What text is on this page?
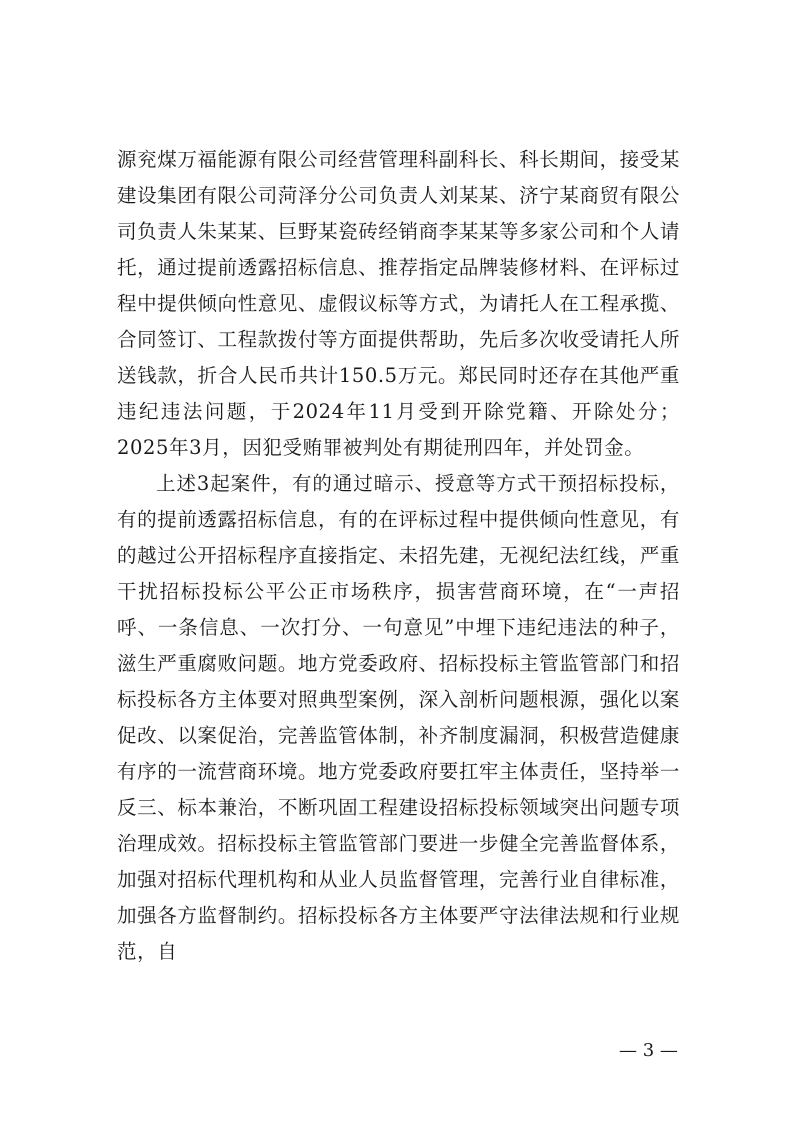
源兖煤万福能源有限公司经营管理科副科长、科长期间，接受某建设集团有限公司菏泽分公司负责人刘某某、济宁某商贸有限公司负责人朱某某、巨野某瓷砖经销商李某某等多家公司和个人请托，通过提前透露招标信息、推荐指定品牌装修材料、在评标过程中提供倾向性意见、虚假议标等方式，为请托人在工程承揽、合同签订、工程款拨付等方面提供帮助，先后多次收受请托人所送钱款，折合人民币共计150.5万元。郑民同时还存在其他严重违纪违法问题，于2024年11月受到开除党籍、开除处分；2025年3月，因犯受贿罪被判处有期徒刑四年，并处罚金。

上述3起案件，有的通过暗示、授意等方式干预招标投标，有的提前透露招标信息，有的在评标过程中提供倾向性意见，有的越过公开招标程序直接指定、未招先建，无视纪法红线，严重干扰招标投标公平公正市场秩序，损害营商环境，在“一声招呼、一条信息、一次打分、一句意见”中埋下违纪违法的种子，滋生严重腐败问题。地方党委政府、招标投标主管监管部门和招标投标各方主体要对照典型案例，深入剖析问题根源，强化以案促改、以案促治，完善监管体制，补齐制度漏洞，积极营造健康有序的一流营商环境。地方党委政府要扛牢主体责任，坚持举一反三、标本兼治，不断巩固工程建设招标投标领域突出问题专项治理成效。招标投标主管监管部门要进一步健全完善监督体系，加强对招标代理机构和从业人员监督管理，完善行业自律标准，加强各方监督制约。招标投标各方主体要严守法律法规和行业规范，自

— 3 —
